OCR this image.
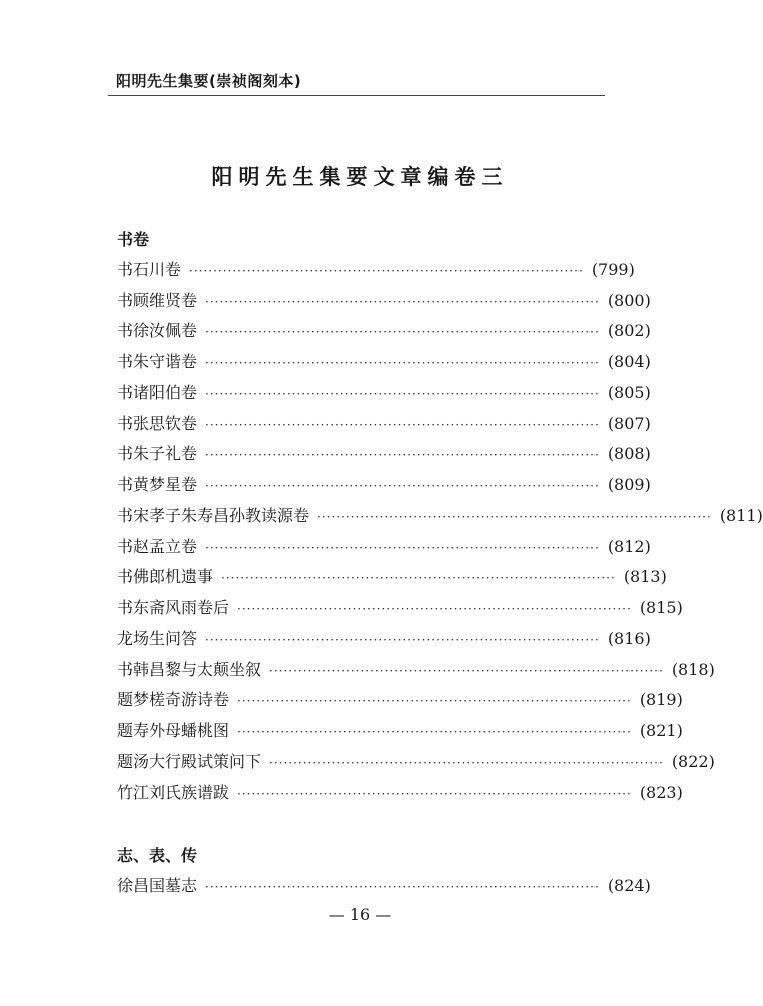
阳明先生集要(崇祯阁刻本)
阳明先生集要文章编卷三
书卷
书石川卷 ·················································································· (799)
书顾维贤卷 ·················································································· (800)
书徐汝佩卷 ·················································································· (802)
书朱守谐卷 ·················································································· (804)
书诸阳伯卷 ·················································································· (805)
书张思钦卷 ·················································································· (807)
书朱子礼卷 ·················································································· (808)
书黄梦星卷 ·················································································· (809)
书宋孝子朱寿昌孙教读源卷 ·················································································· (811)
书赵孟立卷 ·················································································· (812)
书佛郎机遗事 ·················································································· (813)
书东斋风雨卷后 ·················································································· (815)
龙场生问答 ·················································································· (816)
书韩昌黎与太颠坐叙 ·················································································· (818)
题梦槎奇游诗卷 ·················································································· (819)
题寿外母蟠桃图 ·················································································· (821)
题汤大行殿试策问下 ·················································································· (822)
竹江刘氏族谱跋 ·················································································· (823)
志、表、传
徐昌国墓志 ·················································································· (824)
— 16 —
